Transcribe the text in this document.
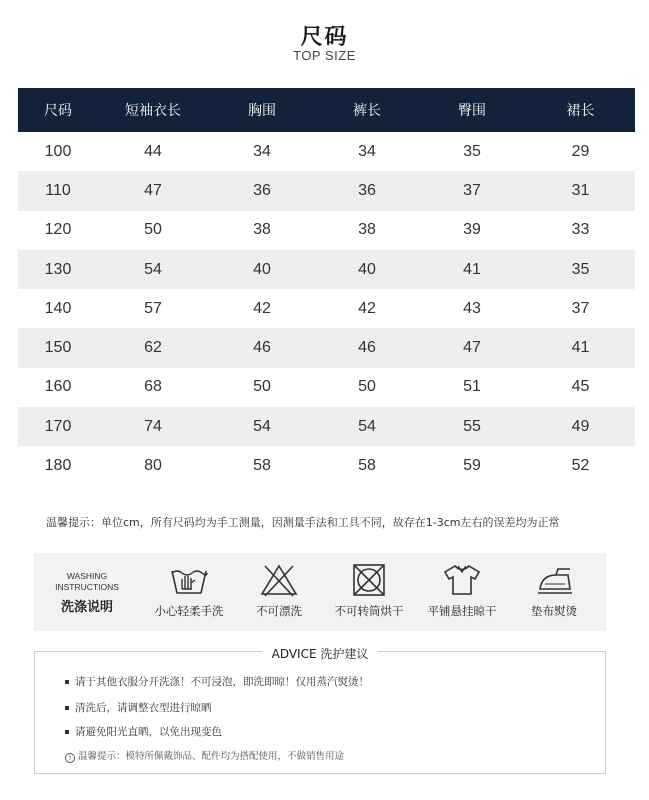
尺码
TOP SIZE
尺码	短袖衣长	胸围	裤长	臀围	裙长
100	44	34	34	35	29
110	47	36	36	37	31
120	50	38	38	39	33
130	54	40	40	41	35
140	57	42	42	43	37
150	62	46	46	47	41
160	68	50	50	51	45
170	74	54	54	55	49
180	80	58	58	59	52
温馨提示：单位cm，所有尺码均为手工测量，因测量手法和工具不同，故存在1-3cm左右的误差均为正常
WASHING
INSTRUCTIONS
洗涤说明	小心轻柔手洗	不可漂洗	不可转筒烘干	平铺悬挂晾干	垫布熨烫
ADVICE 洗护建议
请于其他衣服分开洗涤！不可浸泡，即洗即晾！仅用蒸汽熨烫！
清洗后，请调整衣型进行晾晒
请避免阳光直晒，以免出现变色
! 温馨提示：模特所佩戴饰品、配件均为搭配使用，不做销售用途
